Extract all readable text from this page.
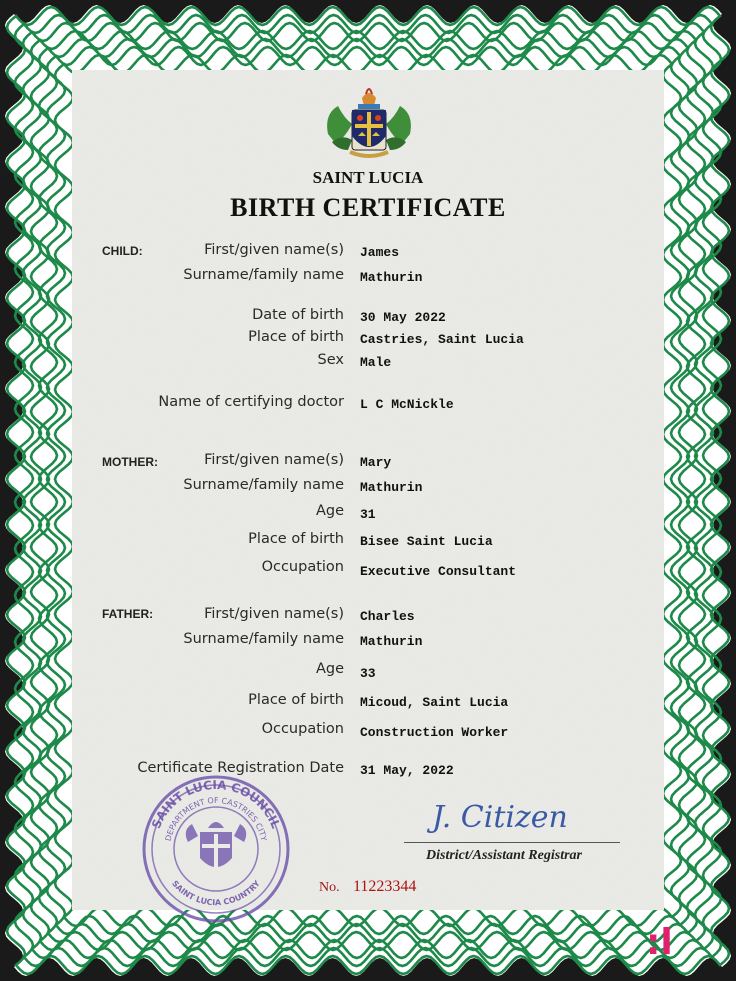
SAINT LUCIA
BIRTH CERTIFICATE
CHILD:	First/given name(s) James
Surname/family name Mathurin
Date of birth 30 May 2022
Place of birth Castries, Saint Lucia
Sex Male
Name of certifying doctor L C McNickle
MOTHER:	First/given name(s) Mary
Surname/family name Mathurin
Age 31
Place of birth Bisee Saint Lucia
Occupation Executive Consultant
FATHER:	First/given name(s) Charles
Surname/family name Mathurin
Age 33
Place of birth Micoud, Saint Lucia
Occupation Construction Worker
Certificate Registration Date 31 May, 2022
SAINT LUCIA COUNCIL
DEPARTMENT OF CASTRIES CITY
SAINT LUCIA COUNTRY
J. Citizen
District/Assistant Registrar
No. 11223344
:l
